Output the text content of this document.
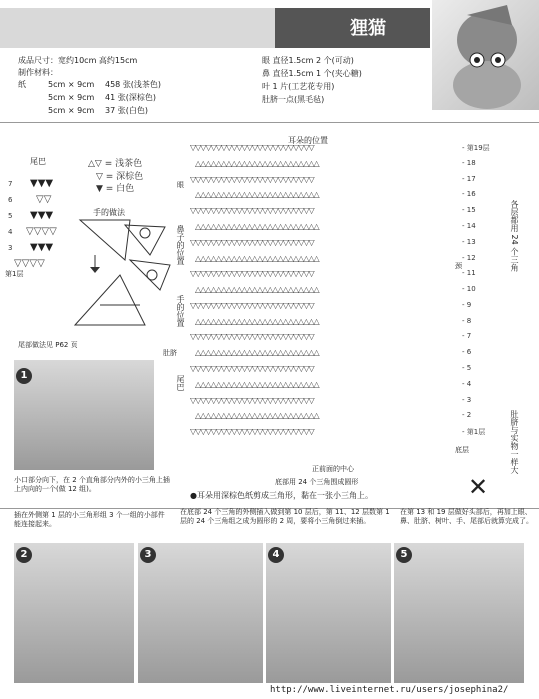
狸猫
成品尺寸：宽约10cm 高约15cm
制作材料：
纸	5cm × 9cm 458 张(浅茶色)
5cm × 9cm 41 张(深棕色)
5cm × 9cm 37 张(白色)
眼 直径1.5cm 2 个(可动)
鼻 直径1.5cm 1 个(夹心糖)
叶 1 片(工艺花专用)
肚脐一点(黑毛毡)
尾巴	△▽ = 浅茶色
▽ = 深棕色
▼ = 白色
7 ▼▼▼
6 ▽▽
5 ▼▼▼
4 ▽▽▽▽
3 ▼▼▼
▽▽▽▽
第1层
手的做法
尾部做法见 P62 页
耳朵的位置
眼
鼻子的位置
手的位置
肚脐
尾巴
颈
底层
▽▽▽▽▽▽▽▽▽▽▽▽▽▽▽▽▽▽▽▽▽▽▽▽
△△△△△△△△△△△△△△△△△△△△△△△△
▽▽▽▽▽▽▽▽▽▽▽▽▽▽▽▽▽▽▽▽▽▽▽▽
△△△△△△△△△△△△△△△△△△△△△△△△
▽▽▽▽▽▽▽▽▽▽▽▽▽▽▽▽▽▽▽▽▽▽▽▽
△△△△△△△△△△△△△△△△△△△△△△△△
▽▽▽▽▽▽▽▽▽▽▽▽▽▽▽▽▽▽▽▽▽▽▽▽
△△△△△△△△△△△△△△△△△△△△△△△△
▽▽▽▽▽▽▽▽▽▽▽▽▽▽▽▽▽▽▽▽▽▽▽▽
△△△△△△△△△△△△△△△△△△△△△△△△
▽▽▽▽▽▽▽▽▽▽▽▽▽▽▽▽▽▽▽▽▽▽▽▽
△△△△△△△△△△△△△△△△△△△△△△△△
▽▽▽▽▽▽▽▽▽▽▽▽▽▽▽▽▽▽▽▽▽▽▽▽
△△△△△△△△△△△△△△△△△△△△△△△△
▽▽▽▽▽▽▽▽▽▽▽▽▽▽▽▽▽▽▽▽▽▽▽▽
△△△△△△△△△△△△△△△△△△△△△△△△
▽▽▽▽▽▽▽▽▽▽▽▽▽▽▽▽▽▽▽▽▽▽▽▽
△△△△△△△△△△△△△△△△△△△△△△△△
▽▽▽▽▽▽▽▽▽▽▽▽▽▽▽▽▽▽▽▽▽▽▽▽
- 第19层
- 18
- 17
- 16
- 15
- 14
- 13
- 12
- 11
- 10
- 9
- 8
- 7
- 6
- 5
- 4
- 3
- 2
- 第1层
各层都用 24 个三角
肚脐与实物一样大
正前面的中心
底部用 24 个三角围成圆形
●耳朵用深棕色纸剪成三角形，黏在一张小三角上。	✕
1
小口部分向下，在 2 个直角部分内外的小三角上插上内向的一个(做 12 组)。
插在外侧第 1 层的小三角形组 3 个一组的小部件能连接起来。
在底部 24 个三角的外侧插入做到第 10 层后，第 11、12 层数第 1 层的 24 个三角组之成为圆形的 2 周，要将小三角倒过来插。
在第 13 和 19 层做好头部后，再加上眼、鼻、肚脐、树叶、手、尾部后就算完成了。
2	3	4	5
http://www.liveinternet.ru/users/josephina2/
